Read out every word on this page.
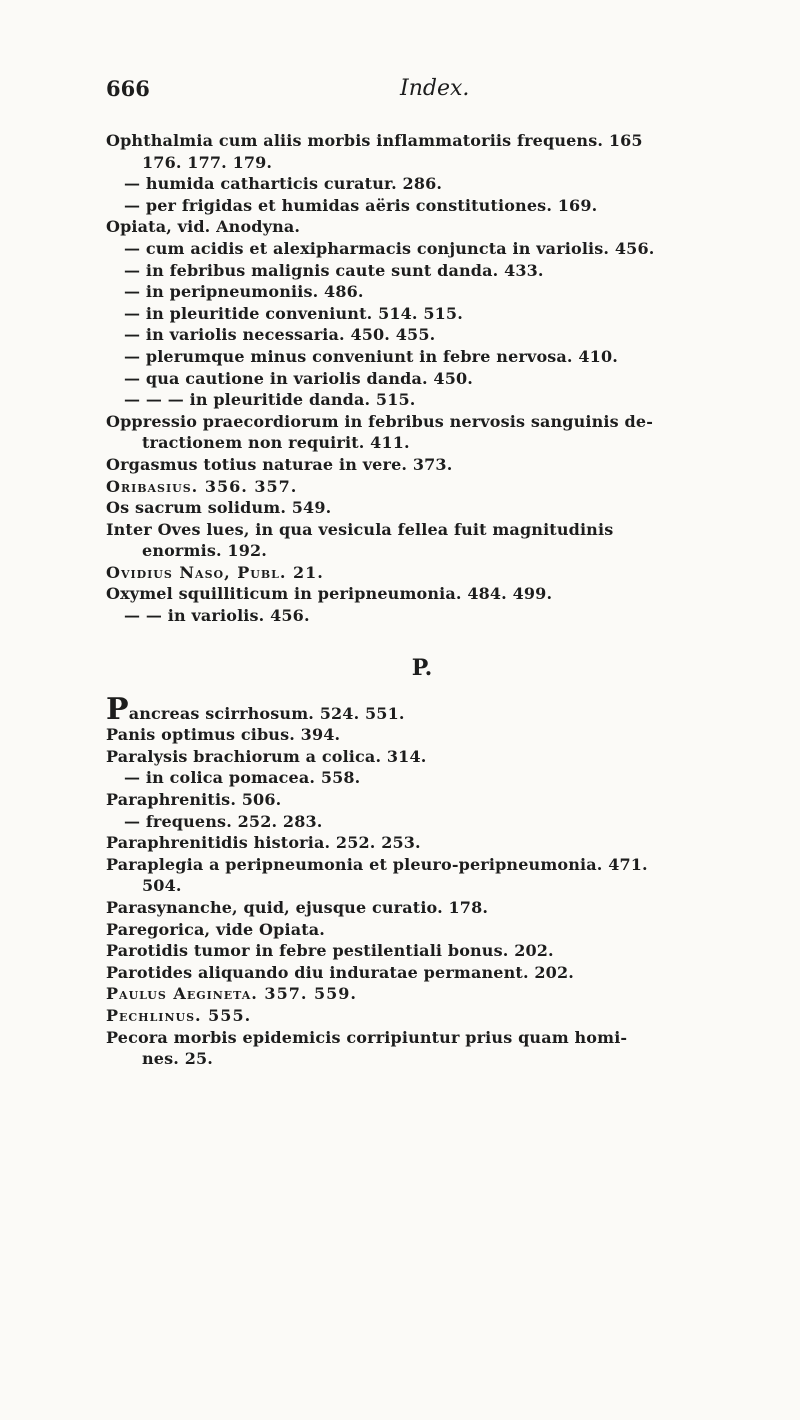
666	Index.
Ophthalmia cum aliis morbis inflammatoriis frequens. 165
176. 177. 179.
— humida catharticis curatur. 286.
— per frigidas et humidas aëris constitutiones. 169.
Opiata, vid. Anodyna.
— cum acidis et alexipharmacis conjuncta in variolis. 456.
— in febribus malignis caute sunt danda. 433.
— in peripneumoniis. 486.
— in pleuritide conveniunt. 514. 515.
— in variolis necessaria. 450. 455.
— plerumque minus conveniunt in febre nervosa. 410.
— qua cautione in variolis danda. 450.
— — — in pleuritide danda. 515.
Oppressio praecordiorum in febribus nervosis sanguinis de-
tractionem non requirit. 411.
Orgasmus totius naturae in vere. 373.
Oribasius. 356. 357.
Os sacrum solidum. 549.
Inter Oves lues, in qua vesicula fellea fuit magnitudinis
enormis. 192.
Ovidius Naso, Publ. 21.
Oxymel squilliticum in peripneumonia. 484. 499.
— — in variolis. 456.
P.
Pancreas scirrhosum. 524. 551.
Panis optimus cibus. 394.
Paralysis brachiorum a colica. 314.
— in colica pomacea. 558.
Paraphrenitis. 506.
— frequens. 252. 283.
Paraphrenitidis historia. 252. 253.
Paraplegia a peripneumonia et pleuro-peripneumonia. 471.
504.
Parasynanche, quid, ejusque curatio. 178.
Paregorica, vide Opiata.
Parotidis tumor in febre pestilentiali bonus. 202.
Parotides aliquando diu induratae permanent. 202.
Paulus Aegineta. 357. 559.
Pechlinus. 555.
Pecora morbis epidemicis corripiuntur prius quam homi-
nes. 25.
